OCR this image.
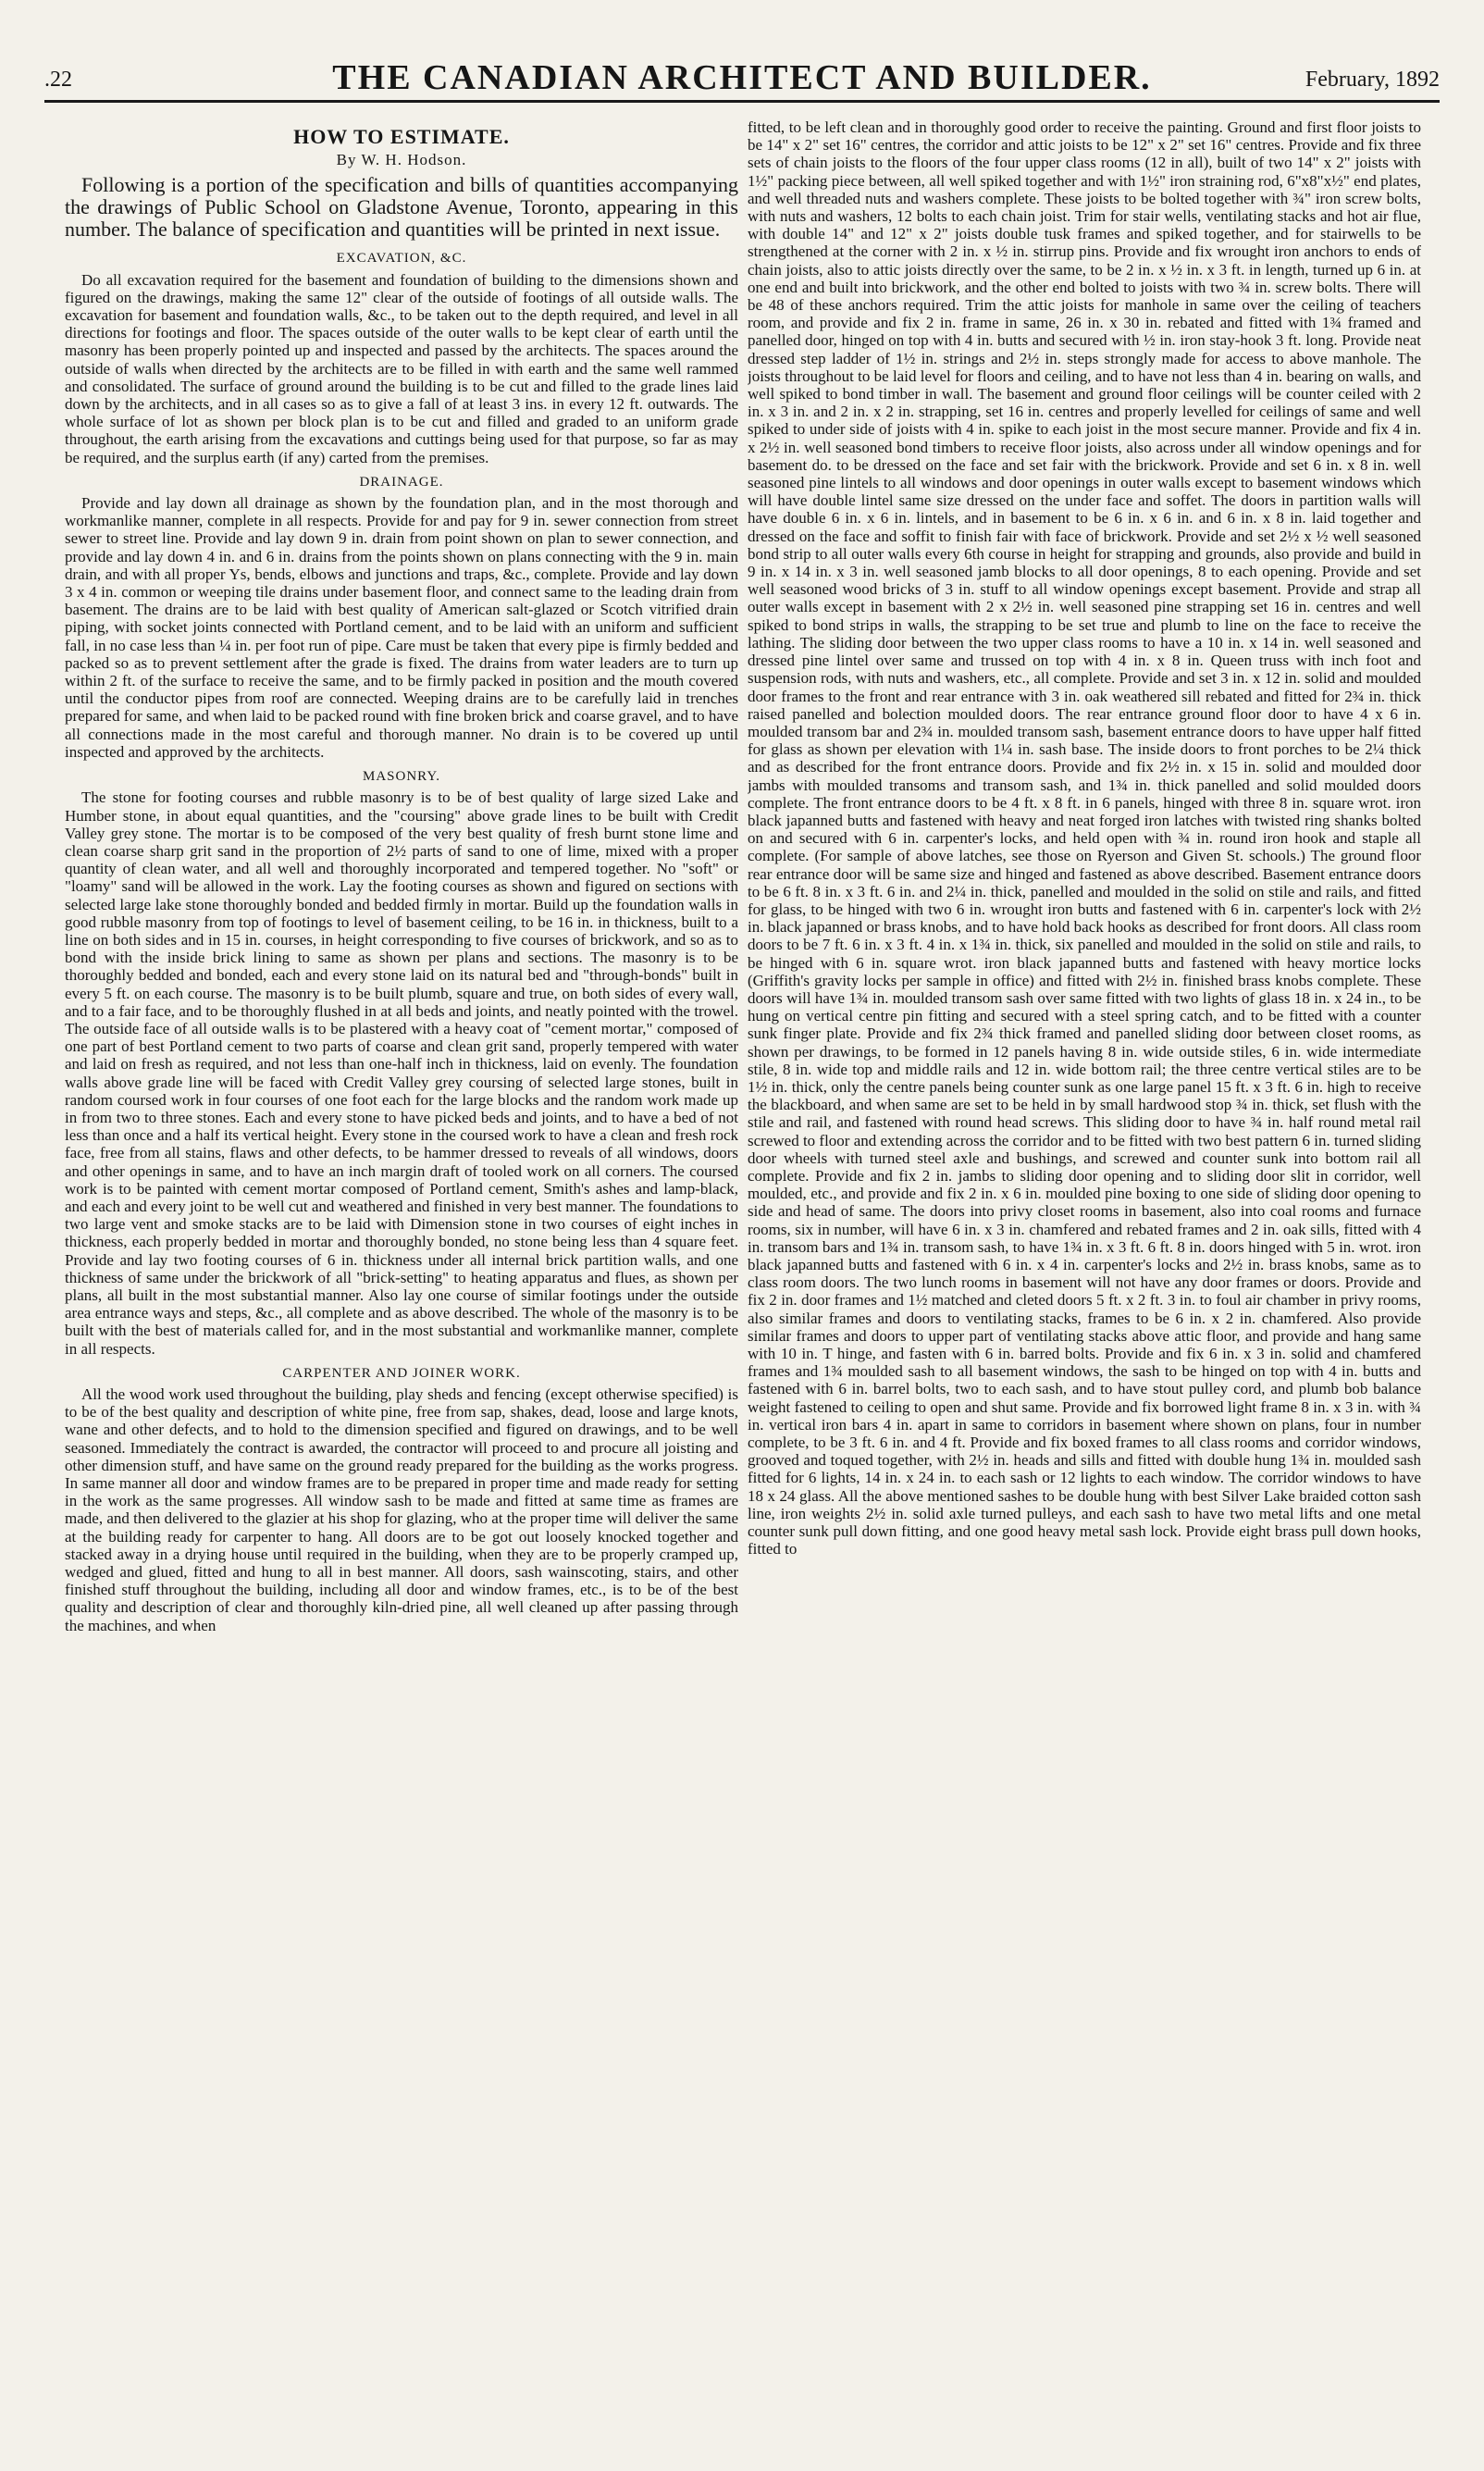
.22	THE CANADIAN ARCHITECT AND BUILDER.	February, 1892
HOW TO ESTIMATE.
By W. H. Hodson.

Following is a portion of the specification and bills of quantities accompanying the drawings of Public School on Gladstone Avenue, Toronto, appearing in this number. The balance of specification and quantities will be printed in next issue.

EXCAVATION, &C.

Do all excavation required for the basement and foundation of building to the dimensions shown and figured on the drawings, making the same 12" clear of the outside of footings of all outside walls. The excavation for basement and foundation walls, &c., to be taken out to the depth required, and level in all directions for footings and floor. The spaces outside of the outer walls to be kept clear of earth until the masonry has been properly pointed up and inspected and passed by the architects. The spaces around the outside of walls when directed by the architects are to be filled in with earth and the same well rammed and consolidated. The surface of ground around the building is to be cut and filled to the grade lines laid down by the architects, and in all cases so as to give a fall of at least 3 ins. in every 12 ft. outwards. The whole surface of lot as shown per block plan is to be cut and filled and graded to an uniform grade throughout, the earth arising from the excavations and cuttings being used for that purpose, so far as may be required, and the surplus earth (if any) carted from the premises.

DRAINAGE.

Provide and lay down all drainage as shown by the foundation plan, and in the most thorough and workmanlike manner, complete in all respects. Provide for and pay for 9 in. sewer connection from street sewer to street line. Provide and lay down 9 in. drain from point shown on plan to sewer connection, and provide and lay down 4 in. and 6 in. drains from the points shown on plans connecting with the 9 in. main drain, and with all proper Ys, bends, elbows and junctions and traps, &c., complete. Provide and lay down 3 x 4 in. common or weeping tile drains under basement floor, and connect same to the leading drain from basement. The drains are to be laid with best quality of American salt-glazed or Scotch vitrified drain piping, with socket joints connected with Portland cement, and to be laid with an uniform and sufficient fall, in no case less than ¼ in. per foot run of pipe. Care must be taken that every pipe is firmly bedded and packed so as to prevent settlement after the grade is fixed. The drains from water leaders are to turn up within 2 ft. of the surface to receive the same, and to be firmly packed in position and the mouth covered until the conductor pipes from roof are connected. Weeping drains are to be carefully laid in trenches prepared for same, and when laid to be packed round with fine broken brick and coarse gravel, and to have all connections made in the most careful and thorough manner. No drain is to be covered up until inspected and approved by the architects.

MASONRY.

The stone for footing courses and rubble masonry is to be of best quality of large sized Lake and Humber stone, in about equal quantities, and the "coursing" above grade lines to be built with Credit Valley grey stone. The mortar is to be composed of the very best quality of fresh burnt stone lime and clean coarse sharp grit sand in the proportion of 2½ parts of sand to one of lime, mixed with a proper quantity of clean water, and all well and thoroughly incorporated and tempered together. No "soft" or "loamy" sand will be allowed in the work. Lay the footing courses as shown and figured on sections with selected large lake stone thoroughly bonded and bedded firmly in mortar. Build up the foundation walls in good rubble masonry from top of footings to level of basement ceiling, to be 16 in. in thickness, built to a line on both sides and in 15 in. courses, in height corresponding to five courses of brickwork, and so as to bond with the inside brick lining to same as shown per plans and sections. The masonry is to be thoroughly bedded and bonded, each and every stone laid on its natural bed and "through-bonds" built in every 5 ft. on each course. The masonry is to be built plumb, square and true, on both sides of every wall, and to a fair face, and to be thoroughly flushed in at all beds and joints, and neatly pointed with the trowel. The outside face of all outside walls is to be plastered with a heavy coat of "cement mortar," composed of one part of best Portland cement to two parts of coarse and clean grit sand, properly tempered with water and laid on fresh as required, and not less than one-half inch in thickness, laid on evenly. The foundation walls above grade line will be faced with Credit Valley grey coursing of selected large stones, built in random coursed work in four courses of one foot each for the large blocks and the random work made up in from two to three stones. Each and every stone to have picked beds and joints, and to have a bed of not less than once and a half its vertical height. Every stone in the coursed work to have a clean and fresh rock face, free from all stains, flaws and other defects, to be hammer dressed to reveals of all windows, doors and other openings in same, and to have an inch margin draft of tooled work on all corners. The coursed work is to be painted with cement mortar composed of Portland cement, Smith's ashes and lamp-black, and each and every joint to be well cut and weathered and finished in very best manner. The foundations to two large vent and smoke stacks are to be laid with Dimension stone in two courses of eight inches in thickness, each properly bedded in mortar and thoroughly bonded, no stone being less than 4 square feet. Provide and lay two footing courses of 6 in. thickness under all internal brick partition walls, and one thickness of same under the brickwork of all "brick-setting" to heating apparatus and flues, as shown per plans, all built in the most substantial manner. Also lay one course of similar footings under the outside area entrance ways and steps, &c., all complete and as above described. The whole of the masonry is to be built with the best of materials called for, and in the most substantial and workmanlike manner, complete in all respects.

CARPENTER AND JOINER WORK.

All the wood work used throughout the building, play sheds and fencing (except otherwise specified) is to be of the best quality and description of white pine, free from sap, shakes, dead, loose and large knots, wane and other defects, and to hold to the dimension specified and figured on drawings, and to be well seasoned. Immediately the contract is awarded, the contractor will proceed to and procure all joisting and other dimension stuff, and have same on the ground ready prepared for the building as the works progress. In same manner all door and window frames are to be prepared in proper time and made ready for setting in the work as the same progresses. All window sash to be made and fitted at same time as frames are made, and then delivered to the glazier at his shop for glazing, who at the proper time will deliver the same at the building ready for carpenter to hang. All doors are to be got out loosely knocked together and stacked away in a drying house until required in the building, when they are to be properly cramped up, wedged and glued, fitted and hung to all in best manner. All doors, sash wainscoting, stairs, and other finished stuff throughout the building, including all door and window frames, etc., is to be of the best quality and description of clear and thoroughly kiln-dried pine, all well cleaned up after passing through the machines, and when

fitted, to be left clean and in thoroughly good order to receive the painting. Ground and first floor joists to be 14" x 2" set 16" centres, the corridor and attic joists to be 12" x 2" set 16" centres. Provide and fix three sets of chain joists to the floors of the four upper class rooms (12 in all), built of two 14" x 2" joists with 1½" packing piece between, all well spiked together and with 1½" iron straining rod, 6"x8"x½" end plates, and well threaded nuts and washers complete. These joists to be bolted together with ¾" iron screw bolts, with nuts and washers, 12 bolts to each chain joist. Trim for stair wells, ventilating stacks and hot air flue, with double 14" and 12" x 2" joists double tusk frames and spiked together, and for stairwells to be strengthened at the corner with 2 in. x ½ in. stirrup pins. Provide and fix wrought iron anchors to ends of chain joists, also to attic joists directly over the same, to be 2 in. x ½ in. x 3 ft. in length, turned up 6 in. at one end and built into brickwork, and the other end bolted to joists with two ¾ in. screw bolts. There will be 48 of these anchors required. Trim the attic joists for manhole in same over the ceiling of teachers room, and provide and fix 2 in. frame in same, 26 in. x 30 in. rebated and fitted with 1¾ framed and panelled door, hinged on top with 4 in. butts and secured with ½ in. iron stay-hook 3 ft. long. Provide neat dressed step ladder of 1½ in. strings and 2½ in. steps strongly made for access to above manhole. The joists throughout to be laid level for floors and ceiling, and to have not less than 4 in. bearing on walls, and well spiked to bond timber in wall. The basement and ground floor ceilings will be counter ceiled with 2 in. x 3 in. and 2 in. x 2 in. strapping, set 16 in. centres and properly levelled for ceilings of same and well spiked to under side of joists with 4 in. spike to each joist in the most secure manner. Provide and fix 4 in. x 2½ in. well seasoned bond timbers to receive floor joists, also across under all window openings and for basement do. to be dressed on the face and set fair with the brickwork. Provide and set 6 in. x 8 in. well seasoned pine lintels to all windows and door openings in outer walls except to basement windows which will have double lintel same size dressed on the under face and soffet. The doors in partition walls will have double 6 in. x 6 in. lintels, and in basement to be 6 in. x 6 in. and 6 in. x 8 in. laid together and dressed on the face and soffit to finish fair with face of brickwork. Provide and set 2½ x ½ well seasoned bond strip to all outer walls every 6th course in height for strapping and grounds, also provide and build in 9 in. x 14 in. x 3 in. well seasoned jamb blocks to all door openings, 8 to each opening. Provide and set well seasoned wood bricks of 3 in. stuff to all window openings except basement. Provide and strap all outer walls except in basement with 2 x 2½ in. well seasoned pine strapping set 16 in. centres and well spiked to bond strips in walls, the strapping to be set true and plumb to line on the face to receive the lathing. The sliding door between the two upper class rooms to have a 10 in. x 14 in. well seasoned and dressed pine lintel over same and trussed on top with 4 in. x 8 in. Queen truss with inch foot and suspension rods, with nuts and washers, etc., all complete. Provide and set 3 in. x 12 in. solid and moulded door frames to the front and rear entrance with 3 in. oak weathered sill rebated and fitted for 2¾ in. thick raised panelled and bolection moulded doors. The rear entrance ground floor door to have 4 x 6 in. moulded transom bar and 2¾ in. moulded transom sash, basement entrance doors to have upper half fitted for glass as shown per elevation with 1¼ in. sash base. The inside doors to front porches to be 2¼ thick and as described for the front entrance doors. Provide and fix 2½ in. x 15 in. solid and moulded door jambs with moulded transoms and transom sash, and 1¾ in. thick panelled and solid moulded doors complete. The front entrance doors to be 4 ft. x 8 ft. in 6 panels, hinged with three 8 in. square wrot. iron black japanned butts and fastened with heavy and neat forged iron latches with twisted ring shanks bolted on and secured with 6 in. carpenter's locks, and held open with ¾ in. round iron hook and staple all complete. (For sample of above latches, see those on Ryerson and Given St. schools.) The ground floor rear entrance door will be same size and hinged and fastened as above described. Basement entrance doors to be 6 ft. 8 in. x 3 ft. 6 in. and 2¼ in. thick, panelled and moulded in the solid on stile and rails, and fitted for glass, to be hinged with two 6 in. wrought iron butts and fastened with 6 in. carpenter's lock with 2½ in. black japanned or brass knobs, and to have hold back hooks as described for front doors. All class room doors to be 7 ft. 6 in. x 3 ft. 4 in. x 1¾ in. thick, six panelled and moulded in the solid on stile and rails, to be hinged with 6 in. square wrot. iron black japanned butts and fastened with heavy mortice locks (Griffith's gravity locks per sample in office) and fitted with 2½ in. finished brass knobs complete. These doors will have 1¾ in. moulded transom sash over same fitted with two lights of glass 18 in. x 24 in., to be hung on vertical centre pin fitting and secured with a steel spring catch, and to be fitted with a counter sunk finger plate. Provide and fix 2¾ thick framed and panelled sliding door between closet rooms, as shown per drawings, to be formed in 12 panels having 8 in. wide outside stiles, 6 in. wide intermediate stile, 8 in. wide top and middle rails and 12 in. wide bottom rail; the three centre vertical stiles are to be 1½ in. thick, only the centre panels being counter sunk as one large panel 15 ft. x 3 ft. 6 in. high to receive the blackboard, and when same are set to be held in by small hardwood stop ¾ in. thick, set flush with the stile and rail, and fastened with round head screws. This sliding door to have ¾ in. half round metal rail screwed to floor and extending across the corridor and to be fitted with two best pattern 6 in. turned sliding door wheels with turned steel axle and bushings, and screwed and counter sunk into bottom rail all complete. Provide and fix 2 in. jambs to sliding door opening and to sliding door slit in corridor, well moulded, etc., and provide and fix 2 in. x 6 in. moulded pine boxing to one side of sliding door opening to side and head of same. The doors into privy closet rooms in basement, also into coal rooms and furnace rooms, six in number, will have 6 in. x 3 in. chamfered and rebated frames and 2 in. oak sills, fitted with 4 in. transom bars and 1¾ in. transom sash, to have 1¾ in. x 3 ft. 6 ft. 8 in. doors hinged with 5 in. wrot. iron black japanned butts and fastened with 6 in. x 4 in. carpenter's locks and 2½ in. brass knobs, same as to class room doors. The two lunch rooms in basement will not have any door frames or doors. Provide and fix 2 in. door frames and 1½ matched and cleted doors 5 ft. x 2 ft. 3 in. to foul air chamber in privy rooms, also similar frames and doors to ventilating stacks, frames to be 6 in. x 2 in. chamfered. Also provide similar frames and doors to upper part of ventilating stacks above attic floor, and provide and hang same with 10 in. T hinge, and fasten with 6 in. barred bolts. Provide and fix 6 in. x 3 in. solid and chamfered frames and 1¾ moulded sash to all basement windows, the sash to be hinged on top with 4 in. butts and fastened with 6 in. barrel bolts, two to each sash, and to have stout pulley cord, and plumb bob balance weight fastened to ceiling to open and shut same. Provide and fix borrowed light frame 8 in. x 3 in. with ¾ in. vertical iron bars 4 in. apart in same to corridors in basement where shown on plans, four in number complete, to be 3 ft. 6 in. and 4 ft. Provide and fix boxed frames to all class rooms and corridor windows, grooved and toqued together, with 2½ in. heads and sills and fitted with double hung 1¾ in. moulded sash fitted for 6 lights, 14 in. x 24 in. to each sash or 12 lights to each window. The corridor windows to have 18 x 24 glass. All the above mentioned sashes to be double hung with best Silver Lake braided cotton sash line, iron weights 2½ in. solid axle turned pulleys, and each sash to have two metal lifts and one metal counter sunk pull down fitting, and one good heavy metal sash lock. Provide eight brass pull down hooks, fitted to
